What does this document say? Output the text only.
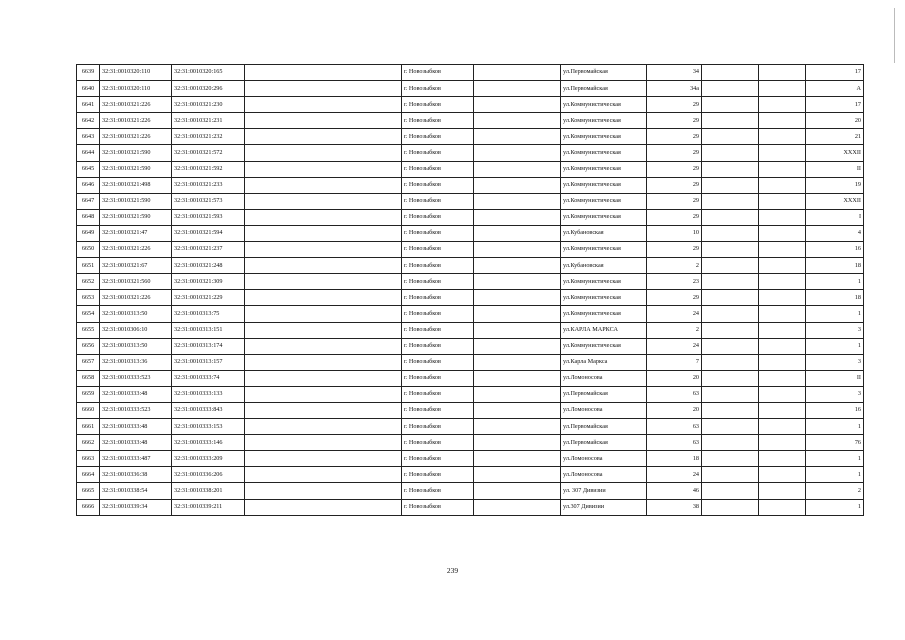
6639	32:31:0010320:110	32:31:0010320:165		г. Новозыбков		ул.Первомайская	34			17
6640	32:31:0010320:110	32:31:0010320:296		г. Новозыбков		ул.Первомайская	34а			А
6641	32:31:0010321:226	32:31:0010321:230		г. Новозыбков		ул.Коммунистическая	29			17
6642	32:31:0010321:226	32:31:0010321:231		г. Новозыбков		ул.Коммунистическая	29			20
6643	32:31:0010321:226	32:31:0010321:232		г. Новозыбков		ул.Коммунистическая	29			21
6644	32:31:0010321:590	32:31:0010321:572		г. Новозыбков		ул.Коммунистическая	29			XXXII
6645	32:31:0010321:590	32:31:0010321:592		г. Новозыбков		ул.Коммунистическая	29			II
6646	32:31:0010321:498	32:31:0010321:233		г. Новозыбков		ул.Коммунистическая	29			19
6647	32:31:0010321:590	32:31:0010321:573		г. Новозыбков		ул.Коммунистическая	29			XXXII
6648	32:31:0010321:590	32:31:0010321:593		г. Новозыбков		ул.Коммунистическая	29			I
6649	32:31:0010321:47	32:31:0010321:594		г. Новозыбков		ул.Кубановская	10			4
6650	32:31:0010321:226	32:31:0010321:237		г. Новозыбков		ул.Коммунистическая	29			16
6651	32:31:0010321:67	32:31:0010321:248		г. Новозыбков		ул.Кубановская	2			18
6652	32:31:0010321:560	32:31:0010321:309		г. Новозыбков		ул.Коммунистическая	23			1
6653	32:31:0010321:226	32:31:0010321:229		г. Новозыбков		ул.Коммунистическая	29			18
6654	32:31:0010313:50	32:31:0010313:75		г. Новозыбков		ул.Коммунистическая	24			1
6655	32:31:0010306:10	32:31:0010313:151		г. Новозыбков		ул.КАРЛА МАРКСА	2			3
6656	32:31:0010313:50	32:31:0010313:174		г. Новозыбков		ул.Коммунистическая	24			1
6657	32:31:0010313:36	32:31:0010313:157		г. Новозыбков		ул.Карла Маркса	7			3
6658	32:31:0010333:523	32:31:0010333:74		г. Новозыбков		ул.Ломоносова	20			II
6659	32:31:0010333:48	32:31:0010333:133		г. Новозыбков		ул.Первомайская	63			3
6660	32:31:0010333:523	32:31:0010333:843		г. Новозыбков		ул.Ломоносова	20			16
6661	32:31:0010333:48	32:31:0010333:153		г. Новозыбков		ул.Первомайская	63			1
6662	32:31:0010333:48	32:31:0010333:146		г. Новозыбков		ул.Первомайская	63			76
6663	32:31:0010333:487	32:31:0010333:209		г. Новозыбков		ул.Ломоносова	18			1
6664	32:31:0010336:38	32:31:0010336:206		г. Новозыбков		ул.Ломоносова	24			1
6665	32:31:0010338:54	32:31:0010338:201		г. Новозыбков		ул. 307 Дивизии	46			2
6666	32:31:0010339:34	32:31:0010339:211		г. Новозыбков		ул.307 Дивизии	38			1
239
